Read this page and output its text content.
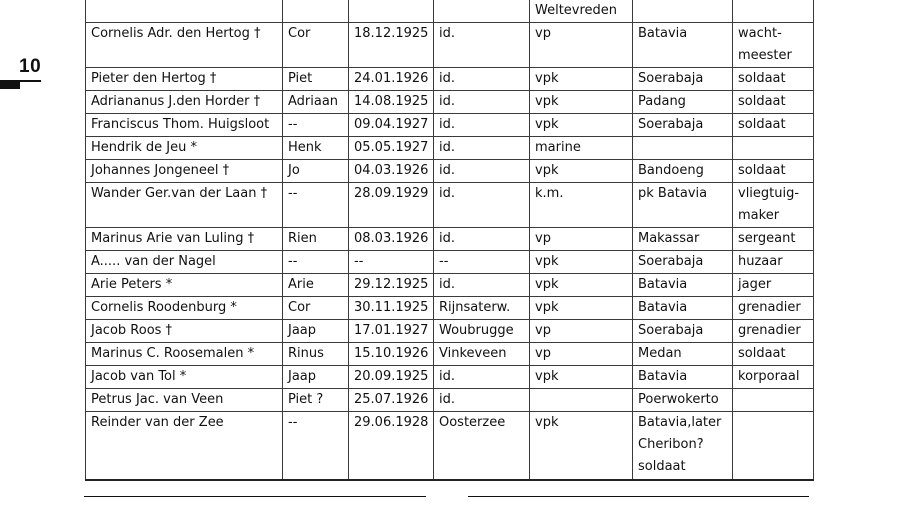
10
				Weltevreden		
Cornelis Adr. den Hertog †	Cor	18.12.1925	id.	vp	Batavia	wacht-meester
Pieter den Hertog †	Piet	24.01.1926	id.	vpk	Soerabaja	soldaat
Adriananus J.den Horder †	Adriaan	14.08.1925	id.	vpk	Padang	soldaat
Franciscus Thom. Huigsloot	--	09.04.1927	id.	vpk	Soerabaja	soldaat
Hendrik de Jeu *	Henk	05.05.1927	id.	marine		
Johannes Jongeneel †	Jo	04.03.1926	id.	vpk	Bandoeng	soldaat
Wander Ger.van der Laan †	--	28.09.1929	id.	k.m.	pk Batavia	vliegtuig-maker
Marinus Arie van Luling †	Rien	08.03.1926	id.	vp	Makassar	sergeant
A..... van der Nagel	--	--	--	vpk	Soerabaja	huzaar
Arie Peters *	Arie	29.12.1925	id.	vpk	Batavia	jager
Cornelis Roodenburg *	Cor	30.11.1925	Rijnsaterw.	vpk	Batavia	grenadier
Jacob Roos †	Jaap	17.01.1927	Woubrugge	vp	Soerabaja	grenadier
Marinus C. Roosemalen *	Rinus	15.10.1926	Vinkeveen	vp	Medan	soldaat
Jacob van Tol *	Jaap	20.09.1925	id.	vpk	Batavia	korporaal
Petrus Jac. van Veen	Piet ?	25.07.1926	id.		Poerwokerto	
Reinder van der Zee	--	29.06.1928	Oosterzee	vpk	Batavia,later Cheribon? soldaat	
